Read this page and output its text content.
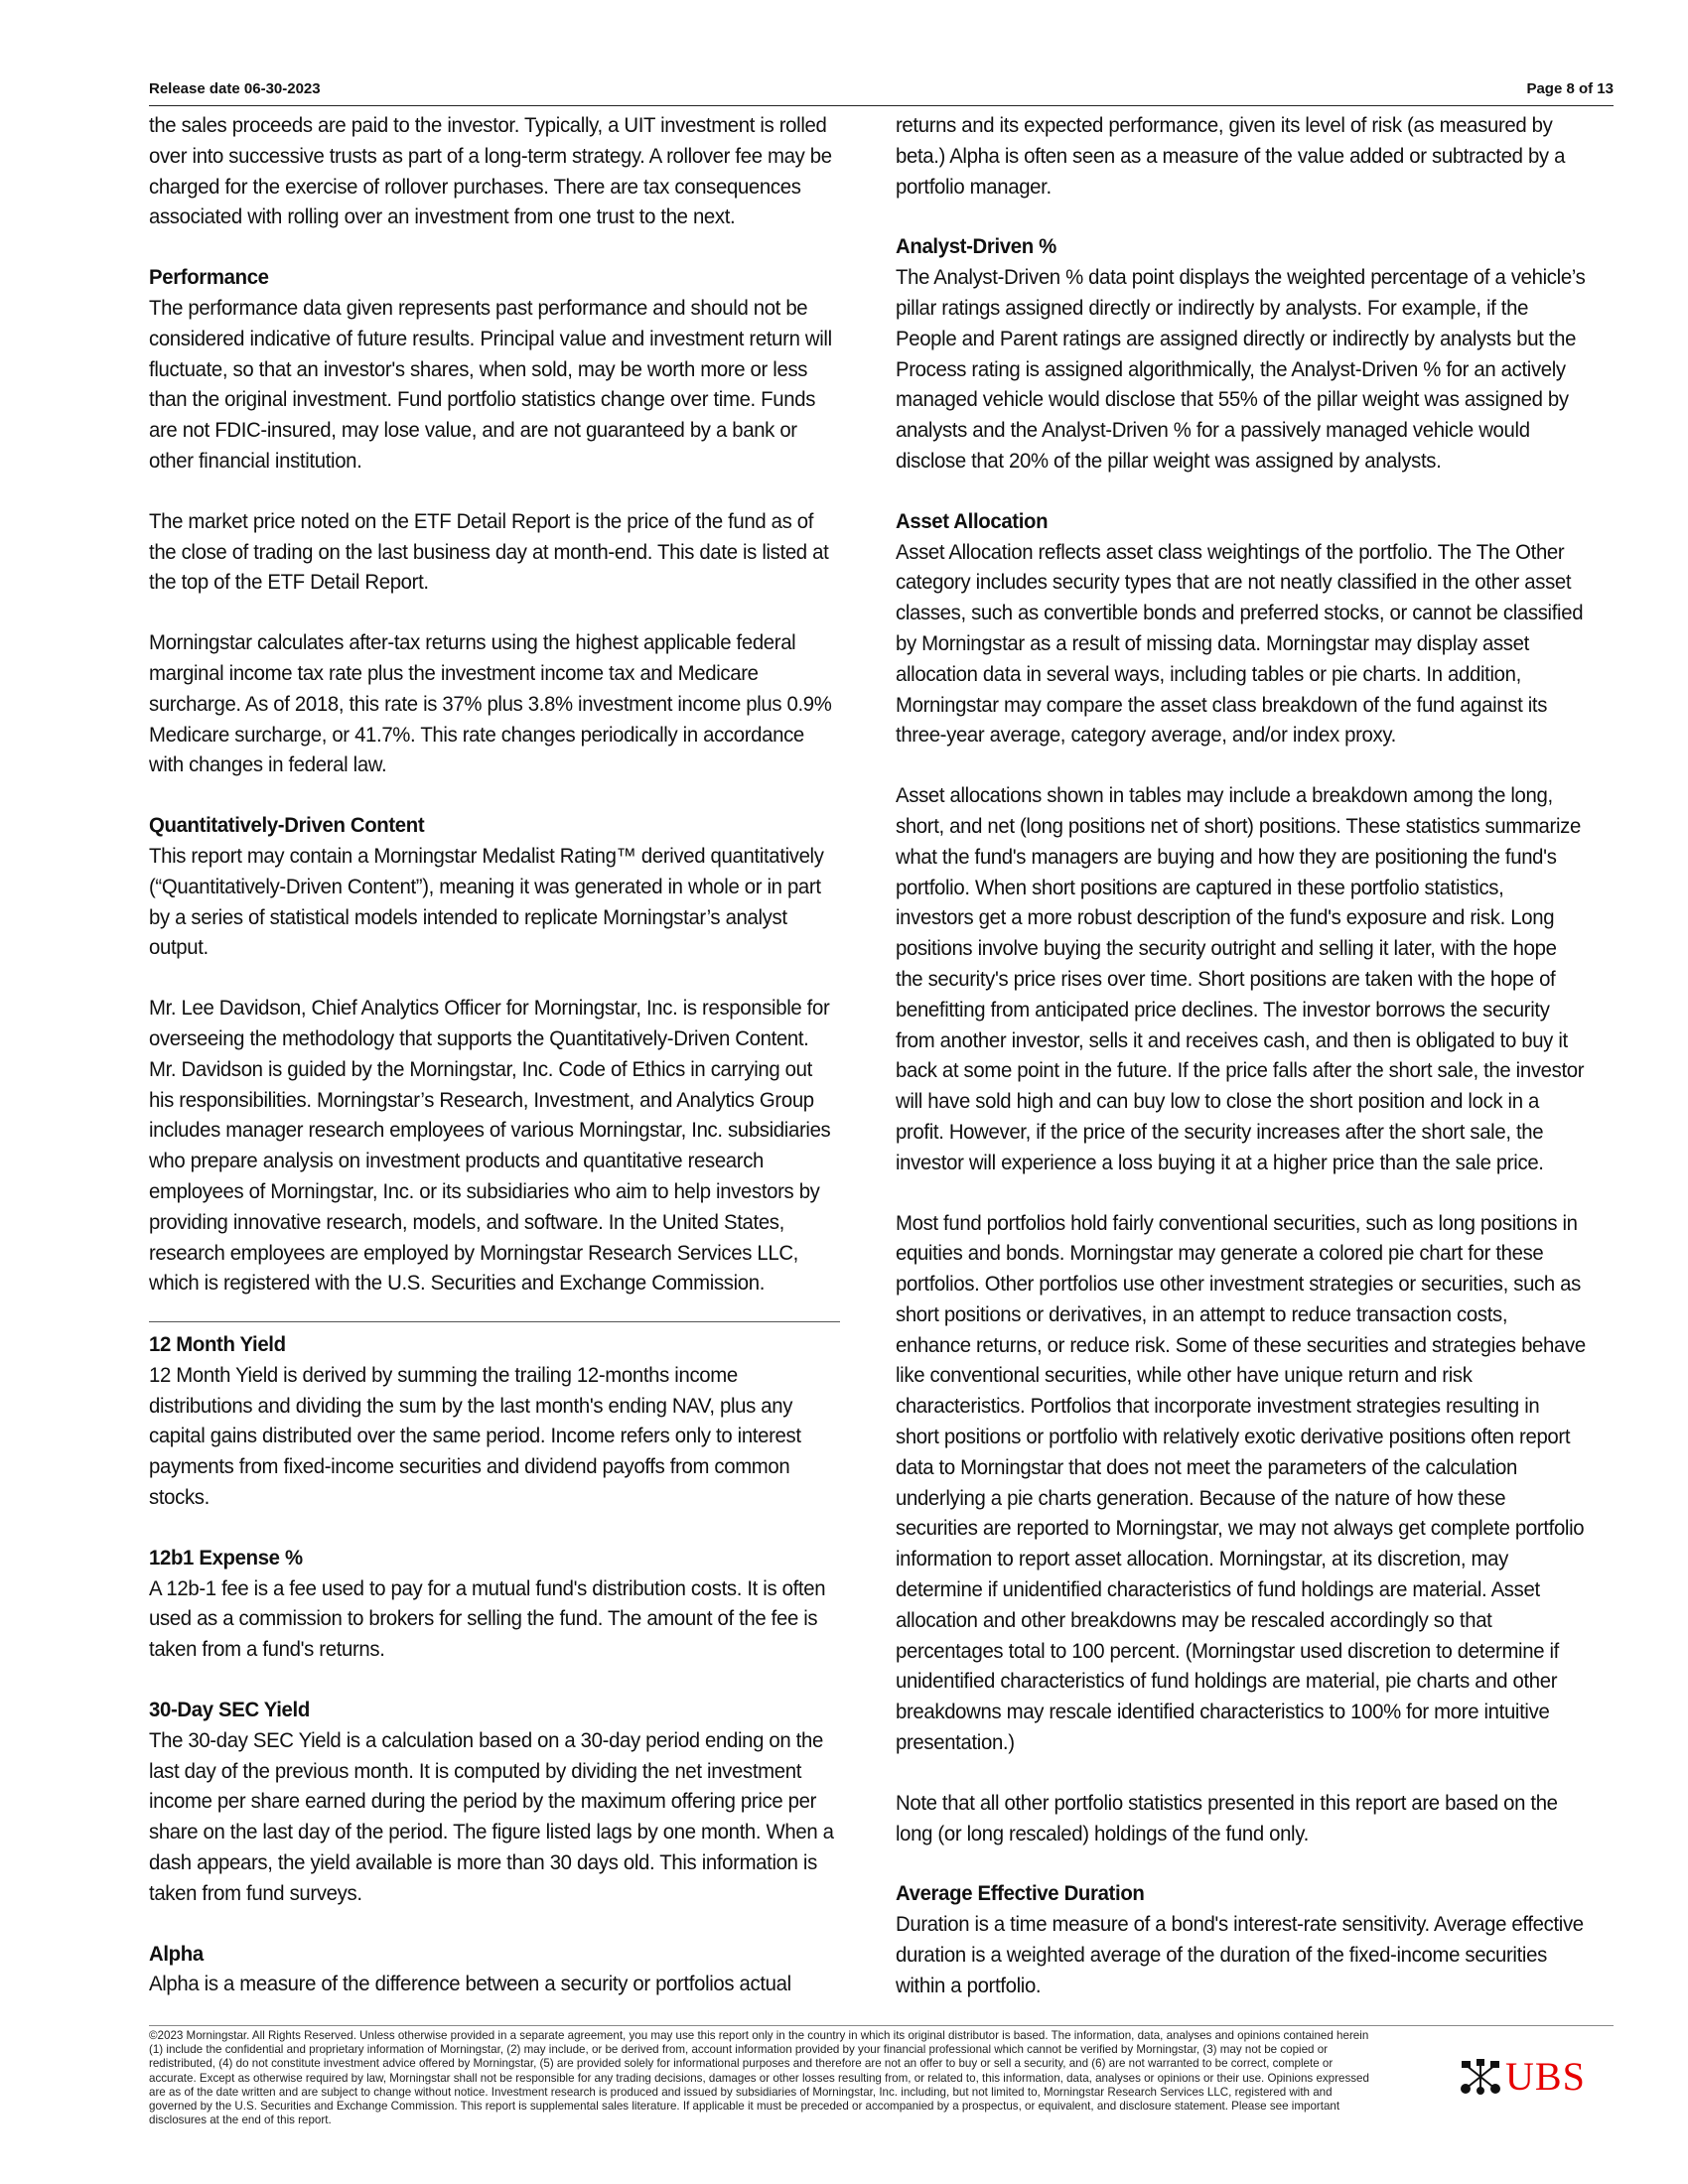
Release date 06-30-2023	Page 8 of 13

the sales proceeds are paid to the investor. Typically, a UIT investment is rolled over into successive trusts as part of a long-term strategy. A rollover fee may be charged for the exercise of rollover purchases. There are tax consequences associated with rolling over an investment from one trust to the next.

Performance

The performance data given represents past performance and should not be considered indicative of future results. Principal value and investment return will fluctuate, so that an investor's shares, when sold, may be worth more or less than the original investment. Fund portfolio statistics change over time. Funds are not FDIC-insured, may lose value, and are not guaranteed by a bank or other financial institution.

The market price noted on the ETF Detail Report is the price of the fund as of the close of trading on the last business day at month-end. This date is listed at the top of the ETF Detail Report.

Morningstar calculates after-tax returns using the highest applicable federal marginal income tax rate plus the investment income tax and Medicare surcharge. As of 2018, this rate is 37% plus 3.8% investment income plus 0.9% Medicare surcharge, or 41.7%. This rate changes periodically in accordance with changes in federal law.

Quantitatively-Driven Content

This report may contain a Morningstar Medalist Rating™ derived quantitatively (“Quantitatively-Driven Content”), meaning it was generated in whole or in part by a series of statistical models intended to replicate Morningstar’s analyst output.

Mr. Lee Davidson, Chief Analytics Officer for Morningstar, Inc. is responsible for overseeing the methodology that supports the Quantitatively-Driven Content. Mr. Davidson is guided by the Morningstar, Inc. Code of Ethics in carrying out his responsibilities. Morningstar’s Research, Investment, and Analytics Group includes manager research employees of various Morningstar, Inc. subsidiaries who prepare analysis on investment products and quantitative research employees of Morningstar, Inc. or its subsidiaries who aim to help investors by providing innovative research, models, and software. In the United States, research employees are employed by Morningstar Research Services LLC, which is registered with the U.S. Securities and Exchange Commission.

12 Month Yield

12 Month Yield is derived by summing the trailing 12-months income distributions and dividing the sum by the last month's ending NAV, plus any capital gains distributed over the same period. Income refers only to interest payments from fixed-income securities and dividend payoffs from common stocks.

12b1 Expense %

A 12b-1 fee is a fee used to pay for a mutual fund's distribution costs. It is often used as a commission to brokers for selling the fund. The amount of the fee is taken from a fund's returns.

30-Day SEC Yield

The 30-day SEC Yield is a calculation based on a 30-day period ending on the last day of the previous month. It is computed by dividing the net investment income per share earned during the period by the maximum offering price per share on the last day of the period. The figure listed lags by one month. When a dash appears, the yield available is more than 30 days old. This information is taken from fund surveys.

Alpha

Alpha is a measure of the difference between a security or portfolios actual

returns and its expected performance, given its level of risk (as measured by beta.) Alpha is often seen as a measure of the value added or subtracted by a portfolio manager.

Analyst-Driven %

The Analyst-Driven % data point displays the weighted percentage of a vehicle’s pillar ratings assigned directly or indirectly by analysts. For example, if the People and Parent ratings are assigned directly or indirectly by analysts but the Process rating is assigned algorithmically, the Analyst-Driven % for an actively managed vehicle would disclose that 55% of the pillar weight was assigned by analysts and the Analyst-Driven % for a passively managed vehicle would disclose that 20% of the pillar weight was assigned by analysts.

Asset Allocation

Asset Allocation reflects asset class weightings of the portfolio. The The Other category includes security types that are not neatly classified in the other asset classes, such as convertible bonds and preferred stocks, or cannot be classified by Morningstar as a result of missing data. Morningstar may display asset allocation data in several ways, including tables or pie charts. In addition, Morningstar may compare the asset class breakdown of the fund against its three-year average, category average, and/or index proxy.

Asset allocations shown in tables may include a breakdown among the long, short, and net (long positions net of short) positions. These statistics summarize what the fund's managers are buying and how they are positioning the fund's portfolio. When short positions are captured in these portfolio statistics, investors get a more robust description of the fund's exposure and risk. Long positions involve buying the security outright and selling it later, with the hope the security's price rises over time. Short positions are taken with the hope of benefitting from anticipated price declines. The investor borrows the security from another investor, sells it and receives cash, and then is obligated to buy it back at some point in the future. If the price falls after the short sale, the investor will have sold high and can buy low to close the short position and lock in a profit. However, if the price of the security increases after the short sale, the investor will experience a loss buying it at a higher price than the sale price.

Most fund portfolios hold fairly conventional securities, such as long positions in equities and bonds. Morningstar may generate a colored pie chart for these portfolios. Other portfolios use other investment strategies or securities, such as short positions or derivatives, in an attempt to reduce transaction costs, enhance returns, or reduce risk. Some of these securities and strategies behave like conventional securities, while other have unique return and risk characteristics. Portfolios that incorporate investment strategies resulting in short positions or portfolio with relatively exotic derivative positions often report data to Morningstar that does not meet the parameters of the calculation underlying a pie charts generation. Because of the nature of how these securities are reported to Morningstar, we may not always get complete portfolio information to report asset allocation. Morningstar, at its discretion, may determine if unidentified characteristics of fund holdings are material. Asset allocation and other breakdowns may be rescaled accordingly so that percentages total to 100 percent. (Morningstar used discretion to determine if unidentified characteristics of fund holdings are material, pie charts and other breakdowns may rescale identified characteristics to 100% for more intuitive presentation.)

Note that all other portfolio statistics presented in this report are based on the long (or long rescaled) holdings of the fund only.

Average Effective Duration

Duration is a time measure of a bond's interest-rate sensitivity. Average effective duration is a weighted average of the duration of the fixed-income securities within a portfolio.

©2023 Morningstar. All Rights Reserved. Unless otherwise provided in a separate agreement, you may use this report only in the country in which its original distributor is based. The information, data, analyses and opinions contained herein (1) include the confidential and proprietary information of Morningstar, (2) may include, or be derived from, account information provided by your financial professional which cannot be verified by Morningstar, (3) may not be copied or redistributed, (4) do not constitute investment advice offered by Morningstar, (5) are provided solely for informational purposes and therefore are not an offer to buy or sell a security, and (6) are not warranted to be correct, complete or accurate. Except as otherwise required by law, Morningstar shall not be responsible for any trading decisions, damages or other losses resulting from, or related to, this information, data, analyses or opinions or their use. Opinions expressed are as of the date written and are subject to change without notice. Investment research is produced and issued by subsidiaries of Morningstar, Inc. including, but not limited to, Morningstar Research Services LLC, registered with and governed by the U.S. Securities and Exchange Commission. This report is supplemental sales literature. If applicable it must be preceded or accompanied by a prospectus, or equivalent, and disclosure statement. Please see important disclosures at the end of this report.
UBS
